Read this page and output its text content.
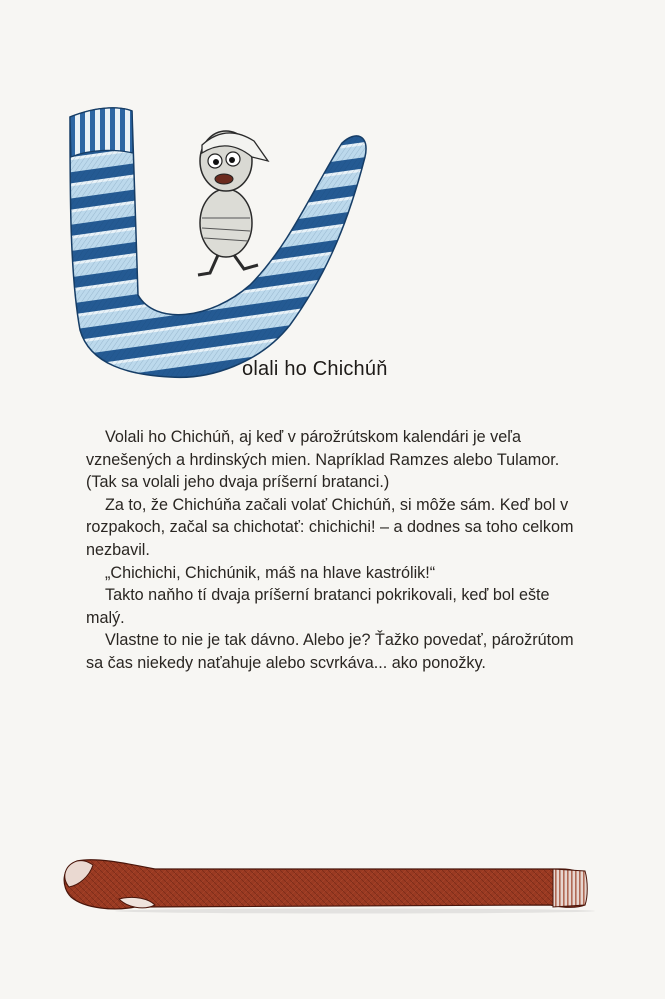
olali ho Chichúň

Volali ho Chichúň, aj keď v párožrútskom kalendári je veľa vznešených a hrdinských mien. Napríklad Ramzes alebo Tulamor. (Tak sa volali jeho dvaja príšerní bratanci.)

Za to, že Chichúňa začali volať Chichúň, si môže sám. Keď bol v rozpakoch, začal sa chichotať: chichichi! – a dodnes sa toho celkom nezbavil.

„Chichichi, Chichúnik, máš na hlave kastrólik!“

Takto naňho tí dvaja príšerní bratanci pokrikovali, keď bol ešte malý.

Vlastne to nie je tak dávno. Alebo je? Ťažko povedať, párožrútom sa čas niekedy naťahuje alebo scvrkáva... ako ponožky.
